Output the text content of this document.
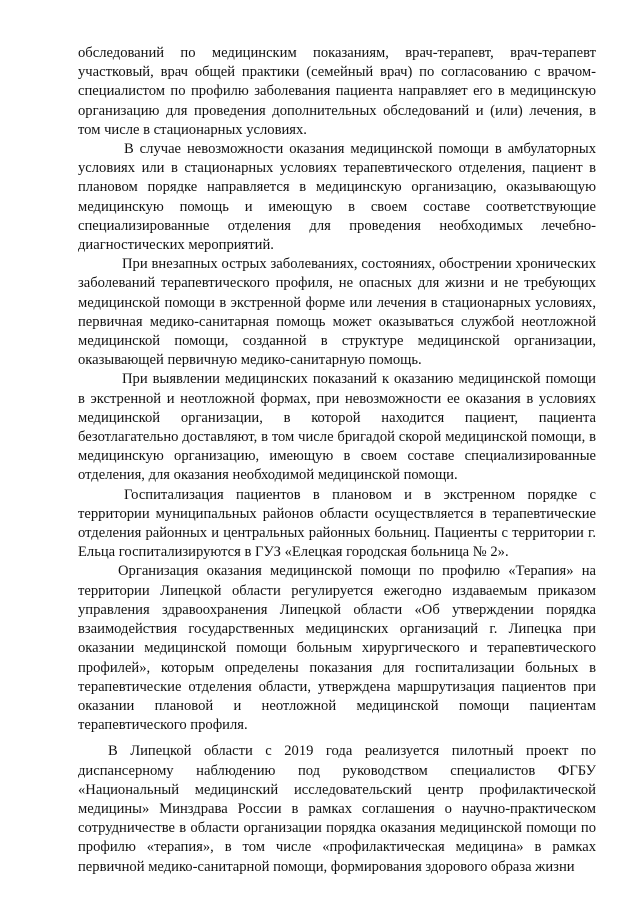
обследований по медицинским показаниям, врач-терапевт, врач-терапевт участковый, врач общей практики (семейный врач) по согласованию с врачом-специалистом по профилю заболевания пациента направляет его в медицинскую организацию для проведения дополнительных обследований и (или) лечения, в том числе в стационарных условиях.

В случае невозможности оказания медицинской помощи в амбулаторных условиях или в стационарных условиях терапевтического отделения, пациент в плановом порядке направляется в медицинскую организацию, оказывающую медицинскую помощь и имеющую в своем составе соответствующие специализированные отделения для проведения необходимых лечебно-диагностических мероприятий.

При внезапных острых заболеваниях, состояниях, обострении хронических заболеваний терапевтического профиля, не опасных для жизни и не требующих медицинской помощи в экстренной форме или лечения в стационарных условиях, первичная медико-санитарная помощь может оказываться службой неотложной медицинской помощи, созданной в структуре медицинской организации, оказывающей первичную медико-санитарную помощь.

При выявлении медицинских показаний к оказанию медицинской помощи в экстренной и неотложной формах, при невозможности ее оказания в условиях медицинской организации, в которой находится пациент, пациента безотлагательно доставляют, в том числе бригадой скорой медицинской помощи, в медицинскую организацию, имеющую в своем составе специализированные отделения, для оказания необходимой медицинской помощи.

Госпитализация пациентов в плановом и в экстренном порядке с территории муниципальных районов области осуществляется в терапевтические отделения районных и центральных районных больниц. Пациенты с территории г. Ельца госпитализируются в ГУЗ «Елецкая городская больница № 2».

Организация оказания медицинской помощи по профилю «Терапия» на территории Липецкой области регулируется ежегодно издаваемым приказом управления здравоохранения Липецкой области «Об утверждении порядка взаимодействия государственных медицинских организаций г. Липецка при оказании медицинской помощи больным хирургического и терапевтического профилей», которым определены показания для госпитализации больных в терапевтические отделения области, утверждена маршрутизация пациентов при оказании плановой и неотложной медицинской помощи пациентам терапевтического профиля.

В Липецкой области с 2019 года реализуется пилотный проект по диспансерному наблюдению под руководством специалистов ФГБУ «Национальный медицинский исследовательский центр профилактической медицины» Минздрава России в рамках соглашения о научно-практическом сотрудничестве в области организации порядка оказания медицинской помощи по профилю «терапия», в том числе «профилактическая медицина» в рамках первичной медико-санитарной помощи, формирования здорового образа жизни
